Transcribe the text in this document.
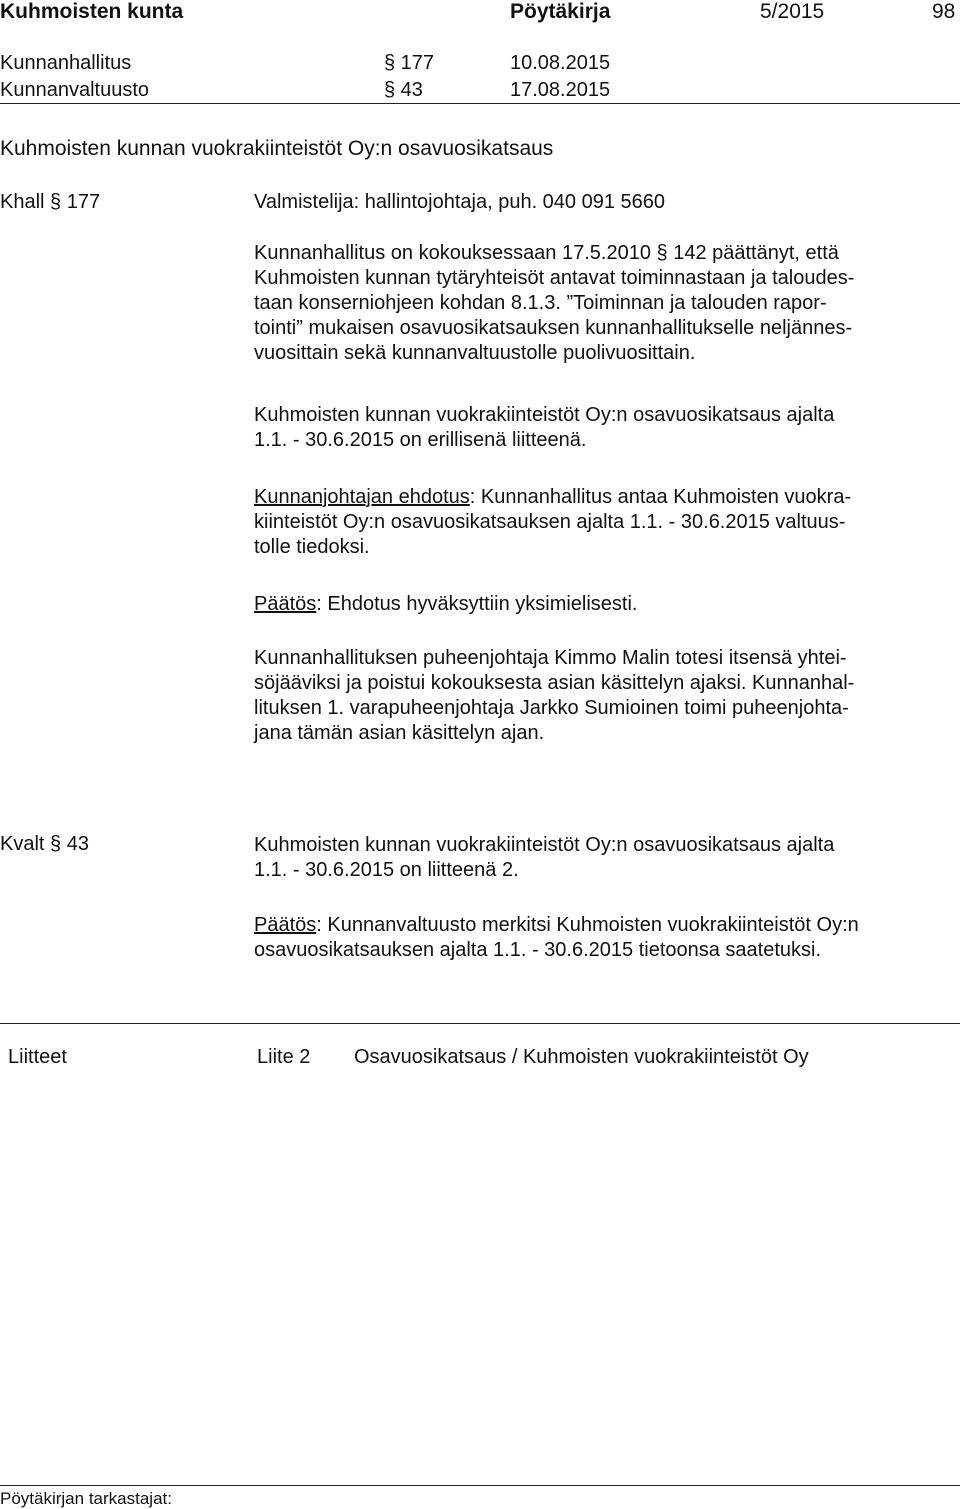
Kuhmoisten kunta	Pöytäkirja	5/2015	98
Kunnanhallitus	§ 177	10.08.2015
Kunnanvaltuusto	§ 43	17.08.2015
Kuhmoisten kunnan vuokrakiinteistöt Oy:n osavuosikatsaus
Khall § 177	Valmistelija: hallintojohtaja, puh. 040 091 5660

Kunnanhallitus on kokouksessaan 17.5.2010 § 142 päättänyt, että

Kuhmoisten kunnan tytäryhteisöt antavat toiminnastaan ja taloudes-

taan konserniohjeen kohdan 8.1.3. ”Toiminnan ja talouden rapor-

tointi” mukaisen osavuosikatsauksen kunnanhallitukselle neljännes-

vuosittain sekä kunnanvaltuustolle puolivuosittain.

Kuhmoisten kunnan vuokrakiinteistöt Oy:n osavuosikatsaus ajalta

1.1. - 30.6.2015 on erillisenä liitteenä.

Kunnanjohtajan ehdotus: Kunnanhallitus antaa Kuhmoisten vuokra-

kiinteistöt Oy:n osavuosikatsauksen ajalta 1.1. - 30.6.2015 valtuus-

tolle tiedoksi.

Päätös: Ehdotus hyväksyttiin yksimielisesti.

Kunnanhallituksen puheenjohtaja Kimmo Malin totesi itsensä yhtei-

söjääviksi ja poistui kokouksesta asian käsittelyn ajaksi. Kunnanhal-

lituksen 1. varapuheenjohtaja Jarkko Sumioinen toimi puheenjohta-

jana tämän asian käsittelyn ajan.

Kvalt § 43	Kuhmoisten kunnan vuokrakiinteistöt Oy:n osavuosikatsaus ajalta

1.1. - 30.6.2015 on liitteenä 2.

Päätös: Kunnanvaltuusto merkitsi Kuhmoisten vuokrakiinteistöt Oy:n

osavuosikatsauksen ajalta 1.1. - 30.6.2015 tietoonsa saatetuksi.

Liitteet	Liite 2 Osavuosikatsaus / Kuhmoisten vuokrakiinteistöt Oy
Pöytäkirjan tarkastajat:
